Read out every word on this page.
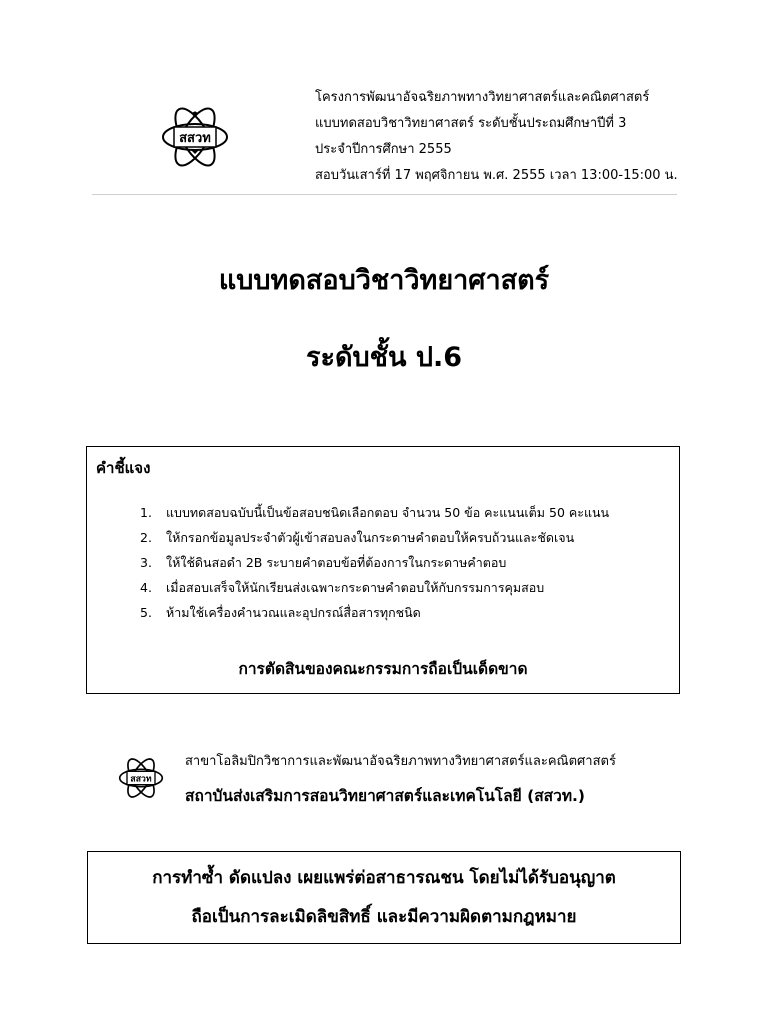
สสวท
โครงการพัฒนาอัจฉริยภาพทางวิทยาศาสตร์และคณิตศาสตร์
แบบทดสอบวิชาวิทยาศาสตร์ ระดับชั้นประถมศึกษาปีที่ 3
ประจำปีการศึกษา 2555
สอบวันเสาร์ที่ 17 พฤศจิกายน พ.ศ. 2555 เวลา 13:00-15:00 น.
แบบทดสอบวิชาวิทยาศาสตร์
ระดับชั้น ป.6
คำชี้แจง
1. แบบทดสอบฉบับนี้เป็นข้อสอบชนิดเลือกตอบ จำนวน 50 ข้อ คะแนนเต็ม 50 คะแนน
2. ให้กรอกข้อมูลประจำตัวผู้เข้าสอบลงในกระดาษคำตอบให้ครบถ้วนและชัดเจน
3. ให้ใช้ดินสอดำ 2B ระบายคำตอบข้อที่ต้องการในกระดาษคำตอบ
4. เมื่อสอบเสร็จให้นักเรียนส่งเฉพาะกระดาษคำตอบให้กับกรรมการคุมสอบ
5. ห้ามใช้เครื่องคำนวณและอุปกรณ์สื่อสารทุกชนิด
การตัดสินของคณะกรรมการถือเป็นเด็ดขาด
สสวท
สาขาโอลิมปิกวิชาการและพัฒนาอัจฉริยภาพทางวิทยาศาสตร์และคณิตศาสตร์
สถาบันส่งเสริมการสอนวิทยาศาสตร์และเทคโนโลยี (สสวท.)
การทำซ้ำ ดัดแปลง เผยแพร่ต่อสาธารณชน โดยไม่ได้รับอนุญาต
ถือเป็นการละเมิดลิขสิทธิ์ และมีความผิดตามกฎหมาย
